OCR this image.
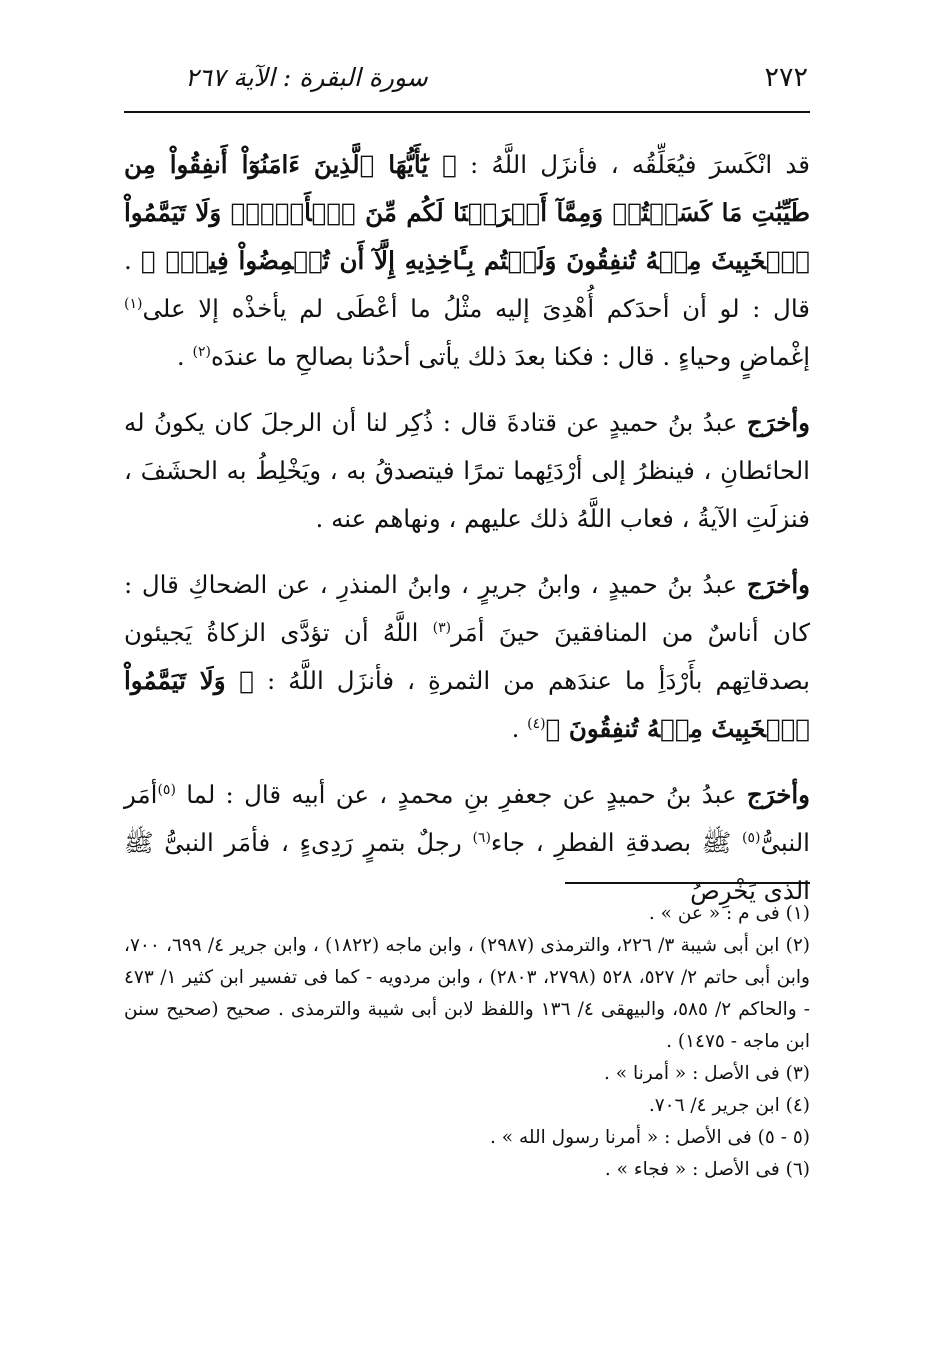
٢٧٢
سورة البقرة : الآية ٢٦٧

قد انْكَسرَ فيُعَلِّقُه ، فأنزَل اللَّهُ : ﴿ يَٰٓأَيُّهَا ٱلَّذِينَ ءَامَنُوٓاْ أَنفِقُواْ مِن طَيِّبَٰتِ مَا كَسَبۡتُمۡ وَمِمَّآ أَخۡرَجۡنَا لَكُم مِّنَ ٱلۡأَرۡضِۖ وَلَا تَيَمَّمُواْ ٱلۡخَبِيثَ مِنۡهُ تُنفِقُونَ وَلَسۡتُم بِـَٔاخِذِيهِ إِلَّآ أَن تُغۡمِضُواْ فِيهِۚ ﴾ . قال : لو أن أحدَكم أُهْدِىَ إليه مثْلُ ما أعْطَى لم يأخذْه إلا على$^{(١)}$ إغْماضٍ وحياءٍ . قال : فكنا بعدَ ذلك يأتى أحدُنا بصالحِ ما عندَه$^{(٢)}$ .

وأخرَج عبدُ بنُ حميدٍ عن قتادةَ قال : ذُكِر لنا أن الرجلَ كان يكونُ له الحائطانِ ، فينظرُ إلى أرْدَئِهما تمرًا فيتصدقُ به ، ويَخْلِطُ به الحشَفَ ، فنزلَتِ الآيةُ ، فعاب اللَّهُ ذلك عليهم ، ونهاهم عنه .

وأخرَج عبدُ بنُ حميدٍ ، وابنُ جريرٍ ، وابنُ المنذرِ ، عن الضحاكِ قال : كان أناسٌ من المنافقينَ حينَ أمَر$^{(٣)}$ اللَّهُ أن تؤدَّى الزكاةُ يَجيئون بصدقاتِهم بأَرْدَأِ ما عندَهم من الثمرةِ ، فأنزَل اللَّهُ : ﴿ وَلَا تَيَمَّمُواْ ٱلۡخَبِيثَ مِنۡهُ تُنفِقُونَ ﴾$^{(٤)}$ .

وأخرَج عبدُ بنُ حميدٍ عن جعفرِ بنِ محمدٍ ، عن أبيه قال : لما $^{(٥)}$أمَر النبىُّ$^{(٥)}$ ﷺ بصدقةِ الفطرِ ، جاء$^{(٦)}$ رجلٌ بتمرٍ رَدِىءٍ ، فأمَر النبىُّ ﷺ الذى يَخْرِصُ

(١) فى م : « عن » .

(٢) ابن أبى شيبة ٣/ ٢٢٦، والترمذى (٢٩٨٧) ، وابن ماجه (١٨٢٢) ، وابن جرير ٤/ ٦٩٩، ٧٠٠، وابن أبى حاتم ٢/ ٥٢٧، ٥٢٨ (٢٧٩٨، ٢٨٠٣) ، وابن مردويه - كما فى تفسير ابن كثير ١/ ٤٧٣ - والحاكم ٢/ ٥٨٥، والبيهقى ٤/ ١٣٦ واللفظ لابن أبى شيبة والترمذى . صحيح (صحيح سنن ابن ماجه - ١٤٧٥) .

(٣) فى الأصل : « أمرنا » .

(٤) ابن جرير ٤/ ٧٠٦.

(٥ - ٥) فى الأصل : « أمرنا رسول الله » .

(٦) فى الأصل : « فجاء » .
